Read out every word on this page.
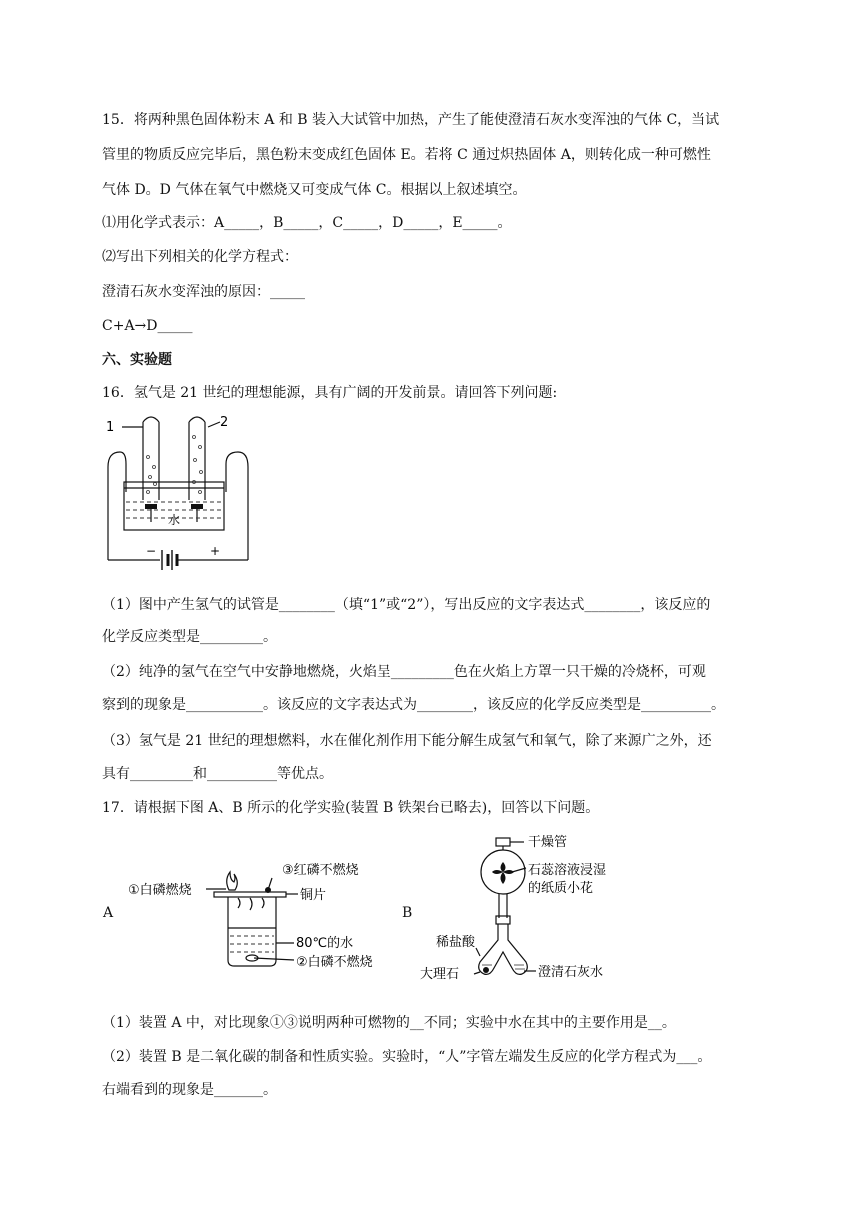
15．将两种黑色固体粉末 A 和 B 装入大试管中加热，产生了能使澄清石灰水变浑浊的气体 C，当试
管里的物质反应完毕后，黑色粉末变成红色固体 E。若将 C 通过炽热固体 A，则转化成一种可燃性
气体 D。D 气体在氧气中燃烧又可变成气体 C。根据以上叙述填空。
⑴用化学式表示：A_____，B_____，C_____，D_____，E_____。
⑵写出下列相关的化学方程式：
澄清石灰水变浑浊的原因：_____
C+A→D_____
六、实验题
16．氢气是 21 世纪的理想能源，具有广阔的开发前景。请回答下列问题:
1	2
水
−	+
（1）图中产生氢气的试管是________（填“1”或“2”），写出反应的文字表达式________，该反应的
化学反应类型是_________。
（2）纯净的氢气在空气中安静地燃烧，火焰呈_________色在火焰上方罩一只干燥的冷烧杯，可观
察到的现象是___________。该反应的文字表达式为________，该反应的化学反应类型是__________。
（3）氢气是 21 世纪的理想燃料，水在催化剂作用下能分解生成氢气和氧气，除了来源广之外，还
具有_________和__________等优点。
17．请根据下图 A、B 所示的化学实验(装置 B 铁架台已略去)，回答以下问题。
A
③红磷不燃烧
①白磷燃烧	铜片
80℃的水
②白磷不燃烧
B
干燥管
石蕊溶液浸湿
的纸质小花
稀盐酸
大理石	澄清石灰水
（1）装置 A 中，对比现象①③说明两种可燃物的__不同；实验中水在其中的主要作用是__。
（2）装置 B 是二氧化碳的制备和性质实验。实验时，“人”字管左端发生反应的化学方程式为___。
右端看到的现象是_______。
